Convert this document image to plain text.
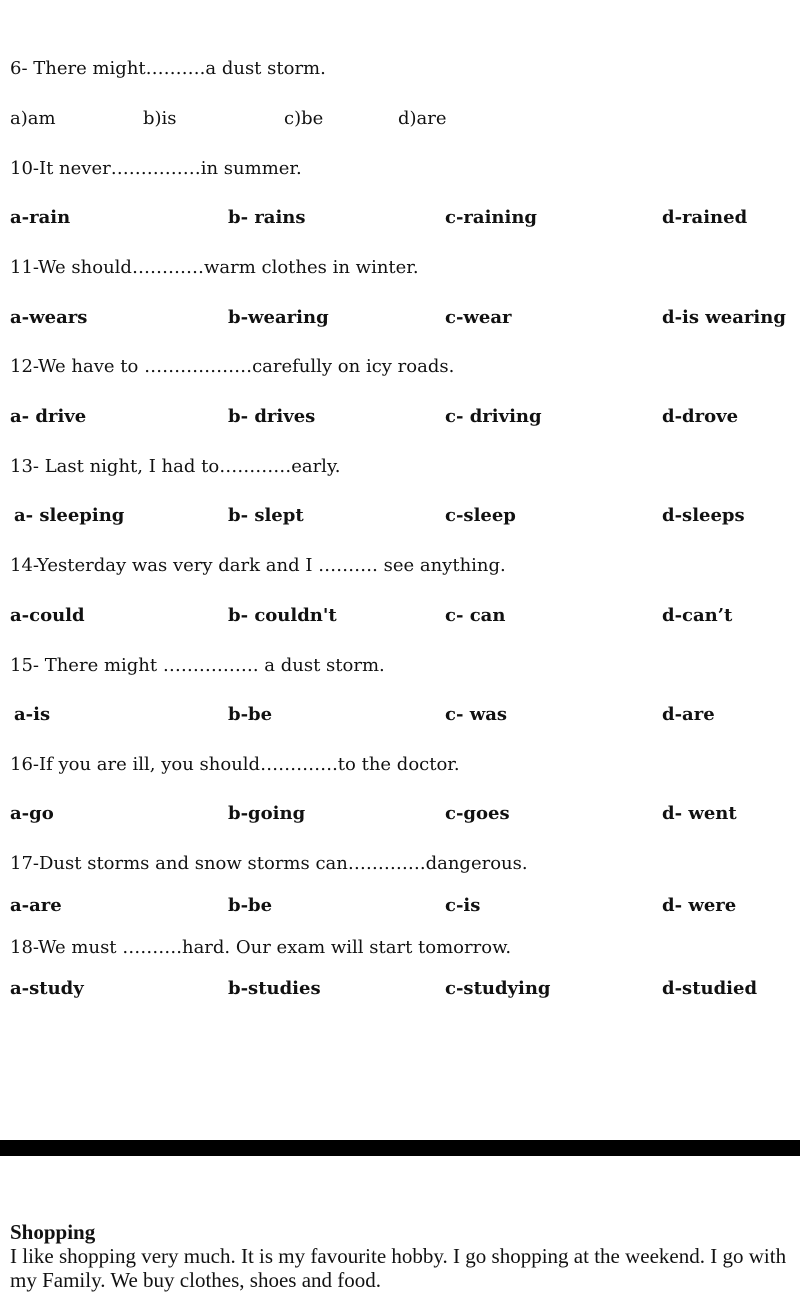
6- There might……….a dust storm.
a)am	b)is	c)be	d)are
10-It never……………in summer.
a-rain	b- rains	c-raining	d-rained
11-We should…………warm clothes in winter.
a-wears	b-wearing	c-wear	d-is wearing
12-We have to ………………carefully on icy roads.
a- drive	b- drives	c- driving	d-drove
13- Last night, I had to…………early.
a- sleeping	b- slept	c-sleep	d-sleeps
14-Yesterday was very dark and I ………. see anything.
a-could	b- couldn't	c- can	d-can’t
15- There might ……………. a dust storm.
a-is	b-be	c- was	d-are
16-If you are ill, you should………….to the doctor.
a-go	b-going	c-goes	d- went
17-Dust storms and snow storms can………….dangerous.
a-are	b-be	c-is	d- were
18-We must ……….hard. Our exam will start tomorrow.
a-study	b-studies	c-studying	d-studied
Shopping
I like shopping very much. It is my favourite hobby. I go shopping at the weekend. I go with my Family. We buy clothes, shoes and food.
